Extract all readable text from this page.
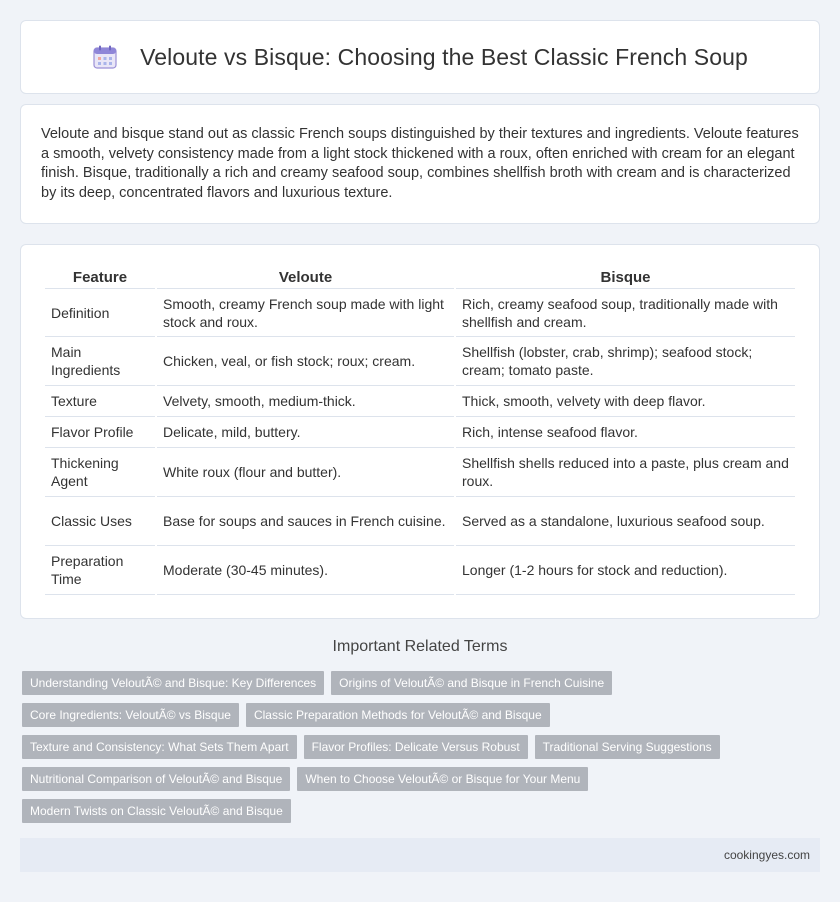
Veloute vs Bisque: Choosing the Best Classic French Soup

Veloute and bisque stand out as classic French soups distinguished by their textures and ingredients. Veloute features a smooth, velvety consistency made from a light stock thickened with a roux, often enriched with cream for an elegant finish. Bisque, traditionally a rich and creamy seafood soup, combines shellfish broth with cream and is characterized by its deep, concentrated flavors and luxurious texture.

Feature	Veloute	Bisque
Definition	Smooth, creamy French soup made with light stock and roux.	Rich, creamy seafood soup, traditionally made with shellfish and cream.
Main Ingredients	Chicken, veal, or fish stock; roux; cream.	Shellfish (lobster, crab, shrimp); seafood stock; cream; tomato paste.
Texture	Velvety, smooth, medium-thick.	Thick, smooth, velvety with deep flavor.
Flavor Profile	Delicate, mild, buttery.	Rich, intense seafood flavor.
Thickening Agent	White roux (flour and butter).	Shellfish shells reduced into a paste, plus cream and roux.
Classic Uses	Base for soups and sauces in French cuisine.	Served as a standalone, luxurious seafood soup.
Preparation Time	Moderate (30-45 minutes).	Longer (1-2 hours for stock and reduction).
Important Related Terms
Understanding VeloutÃ© and Bisque: Key Differences	Origins of VeloutÃ© and Bisque in French Cuisine
Core Ingredients: VeloutÃ© vs Bisque	Classic Preparation Methods for VeloutÃ© and Bisque
Texture and Consistency: What Sets Them Apart	Flavor Profiles: Delicate Versus Robust	Traditional Serving Suggestions
Nutritional Comparison of VeloutÃ© and Bisque	When to Choose VeloutÃ© or Bisque for Your Menu
Modern Twists on Classic VeloutÃ© and Bisque
cookingyes.com
